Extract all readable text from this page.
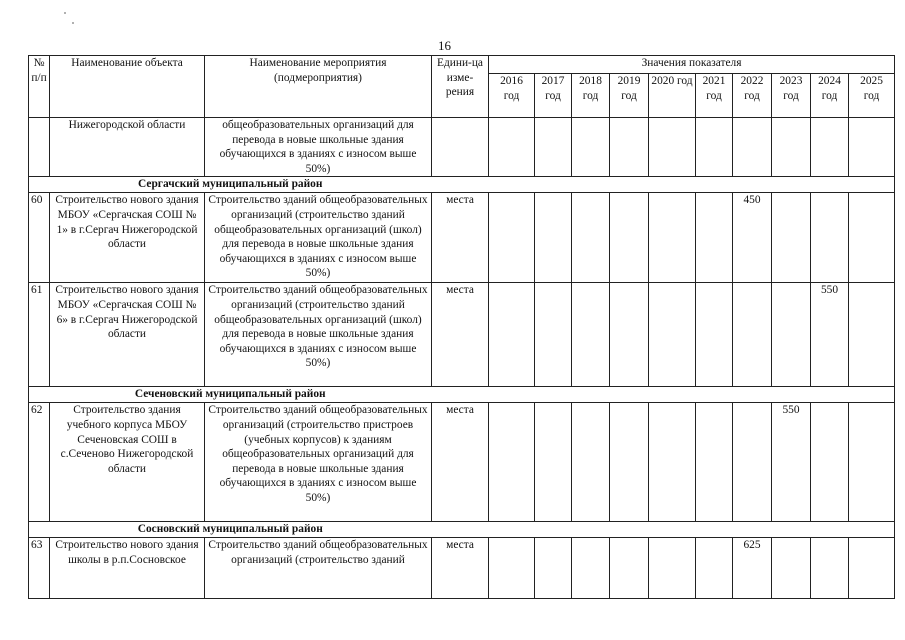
16
№ п/п	Наименование объекта	Наименование мероприятия (подмероприятия)	Едини-ца изме-рения	Значения показателя									
				2016 год	2017 год	2018 год	2019 год	2020 год	2021 год	2022 год	2023 год	2024 год	2025 год
	Нижегородской области	общеобразовательных организаций для перевода в новые школьные здания обучающихся в зданиях с износом выше 50%)											
Сергачский муниципальный район													
60	Строительство нового здания МБОУ «Сергачская СОШ № 1» в г.Сергач Нижегородской области	Строительство зданий общеобразовательных организаций (строительство зданий общеобразовательных организаций (школ) для перевода в новые школьные здания обучающихся в зданиях с износом выше 50%)	места							450			
61	Строительство нового здания МБОУ «Сергачская СОШ № 6» в г.Сергач Нижегородской области	Строительство зданий общеобразовательных организаций (строительство зданий общеобразовательных организаций (школ) для перевода в новые школьные здания обучающихся в зданиях с износом выше 50%)	места									550	
Сеченовский муниципальный район													
62	Строительство здания учебного корпуса МБОУ Сеченовская СОШ в с.Сеченово Нижегородской области	Строительство зданий общеобразовательных организаций (строительство пристроев (учебных корпусов) к зданиям общеобразовательных организаций для перевода в новые школьные здания обучающихся в зданиях с износом выше 50%)	места								550		
Сосновский муниципальный район													
63	Строительство нового здания школы в р.п.Сосновское	Строительство зданий общеобразовательных организаций (строительство зданий	места							625			
